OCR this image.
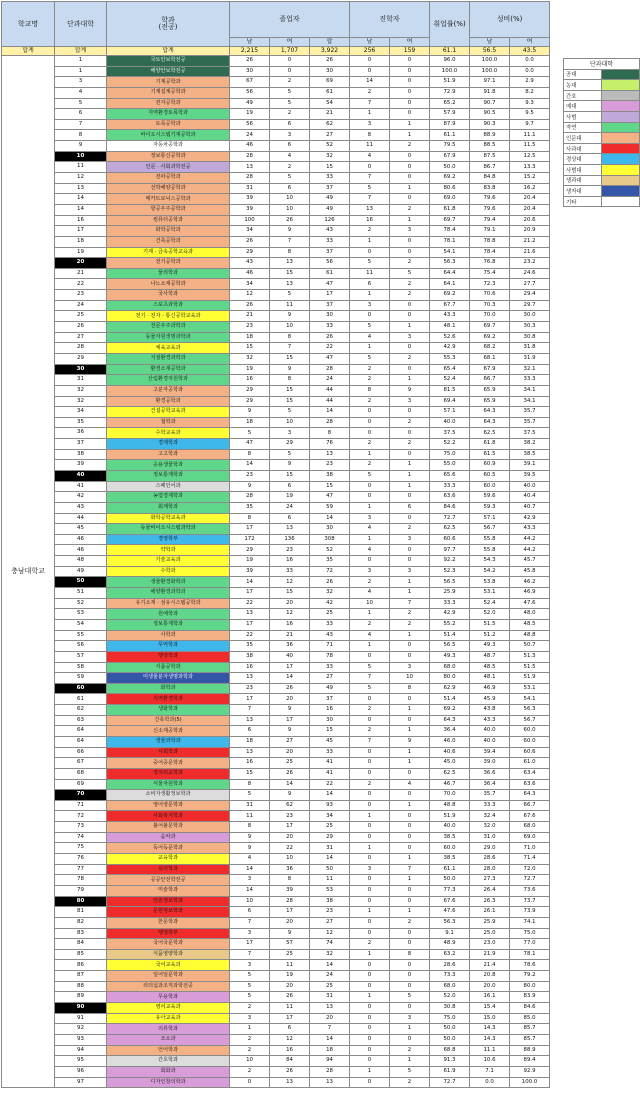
학교명	단과대학	학과
(전공)	졸업자			진학자		취업률(%)	성비(%)	
			남	여	합	남	여		남	여
합계	합계	합계	2,215	1,707	3,922	256	159	61.1	56.5	43.5
충남대학교	1	국토안보학전공	26	0	26	0	0	96.0	100.0	0.0
	1	해양안보학전공	30	0	30	0	0	100.0	100.0	0.0
	3	기계공학과	67	2	69	14	0	51.9	97.1	2.9
	4	기계설계공학과	56	5	61	2	0	72.9	91.8	8.2
	5	전자공학과	49	5	54	7	0	65.2	90.7	9.3
	6	지역환경토목학과	19	2	21	1	0	57.9	90.5	9.5
	7	토목공학과	56	6	62	3	1	87.9	90.3	9.7
	8	바이오시스템기계공학과	24	3	27	8	1	61.1	88.9	11.1
	9	자동차공학과	46	6	52	11	2	79.5	88.5	11.5
	10	정보통신공학과	28	4	32	4	0	67.9	87.5	12.5
	11	인문 · 사회과학전공	13	2	15	0	0	50.0	86.7	13.3
	12	전파공학과	28	5	33	7	0	69.2	84.8	15.2
	13	선박해양공학과	31	6	37	5	1	80.6	83.8	16.2
	14	메카트로닉스공학과	39	10	49	7	0	69.0	79.6	20.4
	14	항공우주공학과	39	10	49	13	2	61.8	79.6	20.4
	16	컴퓨터공학과	100	26	126	16	1	69.7	79.4	20.6
	17	화학공학과	34	9	43	2	3	78.4	79.1	20.9
	18	건축공학과	26	7	33	1	0	78.1	78.8	21.2
	19	기계 · 금속공학교육과	29	8	37	0	0	54.1	78.4	21.6
	20	전기공학과	43	13	56	5	2	56.3	76.8	23.2
	21	물리학과	46	15	61	11	5	64.4	75.4	24.6
	22	나노소재공학과	34	13	47	6	2	64.1	72.3	27.7
	23	국사학과	12	5	17	1	2	69.2	70.6	29.4
	24	스포츠과학과	26	11	37	3	0	67.7	70.3	29.7
	25	전기 · 전자 · 통신공학교육과	21	9	30	0	0	43.3	70.0	30.0
	26	천문우주과학과	23	10	33	5	1	48.1	69.7	30.3
	27	동물자원생명과학과	18	8	26	4	3	52.6	69.2	30.8
	28	체육교육과	15	7	22	1	0	42.9	68.2	31.8
	29	지질환경과학과	32	15	47	5	2	55.3	68.1	31.9
	30	환경소재공학과	19	9	28	2	0	65.4	67.9	32.1
	31	산림환경자원학과	16	8	24	2	1	52.4	66.7	33.3
	32	고분자공학과	29	15	44	8	9	81.5	65.9	34.1
	32	환경공학과	29	15	44	2	3	69.4	65.9	34.1
	34	건설공학교육과	9	5	14	0	0	57.1	64.3	35.7
	35	철학과	18	10	28	0	2	40.0	64.3	35.7
	36	수학교육과	5	3	8	0	0	37.5	62.5	37.5
	37	경제학과	47	29	76	2	2	52.2	61.8	38.2
	38	고고학과	8	5	13	1	0	75.0	61.5	38.5
	39	응용생물학과	14	9	23	2	1	55.0	60.9	39.1
	40	정보통계학과	23	15	38	5	1	65.6	60.5	39.5
	41	스페인어과	9	6	15	0	1	33.3	60.0	40.0
	42	농업경제학과	28	19	47	0	0	63.6	59.6	40.4
	43	회계학과	35	24	59	1	6	84.6	59.3	40.7
	44	화학공학교육과	8	6	14	3	0	72.7	57.1	42.9
	45	동물바이오시스템과학과	17	13	30	4	2	62.5	56.7	43.3
	46	경영학부	172	136	308	1	3	60.6	55.8	44.2
	46	약학과	29	23	52	4	0	97.7	55.8	44.2
	48	기술교육과	19	16	35	0	0	92.2	54.3	45.7
	49	수학과	39	33	72	3	3	52.3	54.2	45.8
	50	생물환경화학과	14	12	26	2	1	56.5	53.8	46.2
	51	해양환경과학과	17	15	32	4	1	25.9	53.1	46.9
	52	유기소재 · 섬유시스템공학과	22	20	42	10	7	33.3	52.4	47.6
	53	원예학과	13	12	25	1	2	42.9	52.0	48.0
	54	정보통계학과	17	16	33	2	2	55.2	51.5	48.5
	55	사학과	22	21	43	4	1	51.4	51.2	48.8
	56	무역학과	35	36	71	1	0	56.5	49.3	50.7
	57	행정학과	38	40	78	0	0	49.3	48.7	51.3
	58	식품공학과	16	17	33	5	3	68.0	48.5	51.5
	59	미생물분자생명과학과	13	14	27	7	10	80.0	48.1	51.9
	60	화학과	23	26	49	5	8	62.9	46.9	53.1
	61	지역환경학과	17	20	37	0	0	51.4	45.9	54.1
	62	생화학과	7	9	16	2	1	69.2	43.8	56.3
	63	건축학과(5)	13	17	30	0	0	64.3	43.3	56.7
	64	신소재공학과	6	9	15	2	1	36.4	40.0	60.0
	64	생물과학과	18	27	45	7	9	46.0	40.0	60.0
	66	사회학과	13	20	33	0	1	40.6	39.4	60.6
	67	중어중문학과	16	25	41	0	1	45.0	39.0	61.0
	68	정치외교학과	15	26	41	0	0	62.5	36.6	63.4
	69	식물자원학과	8	14	22	2	4	46.7	36.4	63.6
	70	소비자생활정보학과	5	9	14	0	0	70.0	35.7	64.3
	71	영어영문학과	31	62	93	0	1	48.8	33.3	66.7
	72	사회복지학과	11	23	34	1	0	51.9	32.4	67.6
	73	불어불문학과	8	17	25	0	0	40.0	32.0	68.0
	74	음악과	9	20	29	0	0	38.5	31.0	69.0
	75	독어독문학과	9	22	31	1	0	60.0	29.0	71.0
	76	교육학과	4	10	14	0	1	38.5	28.6	71.4
	77	심리학과	14	36	50	3	7	61.1	28.0	72.0
	78	공공안전학전공	3	8	11	0	1	50.0	27.3	72.7
	79	미술학과	14	39	53	0	0	77.3	26.4	73.6
	80	언론정보학과	10	28	38	0	0	67.6	26.3	73.7
	81	문헌정보학과	6	17	23	1	1	47.6	26.1	73.9
	82	한문학과	7	20	27	0	2	56.3	25.9	74.1
	83	행정학부	3	9	12	0	0	9.1	25.0	75.0
	84	국어국문학과	17	57	74	2	0	48.9	23.0	77.0
	85	식품영양학과	7	25	32	1	8	63.2	21.9	78.1
	86	국어교육과	3	11	14	0	0	28.6	21.4	78.6
	87	일어일문학과	5	19	24	0	0	73.3	20.8	79.2
	88	리더십과조직과학전공	5	20	25	0	0	68.0	20.0	80.0
	89	무용학과	5	26	31	1	5	52.0	16.1	83.9
	90	영어교육과	2	11	13	0	0	30.8	15.4	84.6
	91	유아교육과	3	17	20	0	3	75.0	15.0	85.0
	92	의류학과	1	6	7	0	1	50.0	14.3	85.7
	93	조소과	2	12	14	0	0	50.0	14.3	85.7
	94	언어학과	2	16	18	0	2	68.8	11.1	88.9
	95	간호학과	10	84	94	0	1	91.3	10.6	89.4
	96	회화과	2	26	28	1	5	61.9	7.1	92.9
	97	디자인창의학과	0	13	13	0	2	72.7	0.0	100.0
단과대학	
공대	
농대	
간호	
예대	
사범	
자연	
인문대	
사과대	
경상대	
사범대	
생과대	
생자대	
기타	
